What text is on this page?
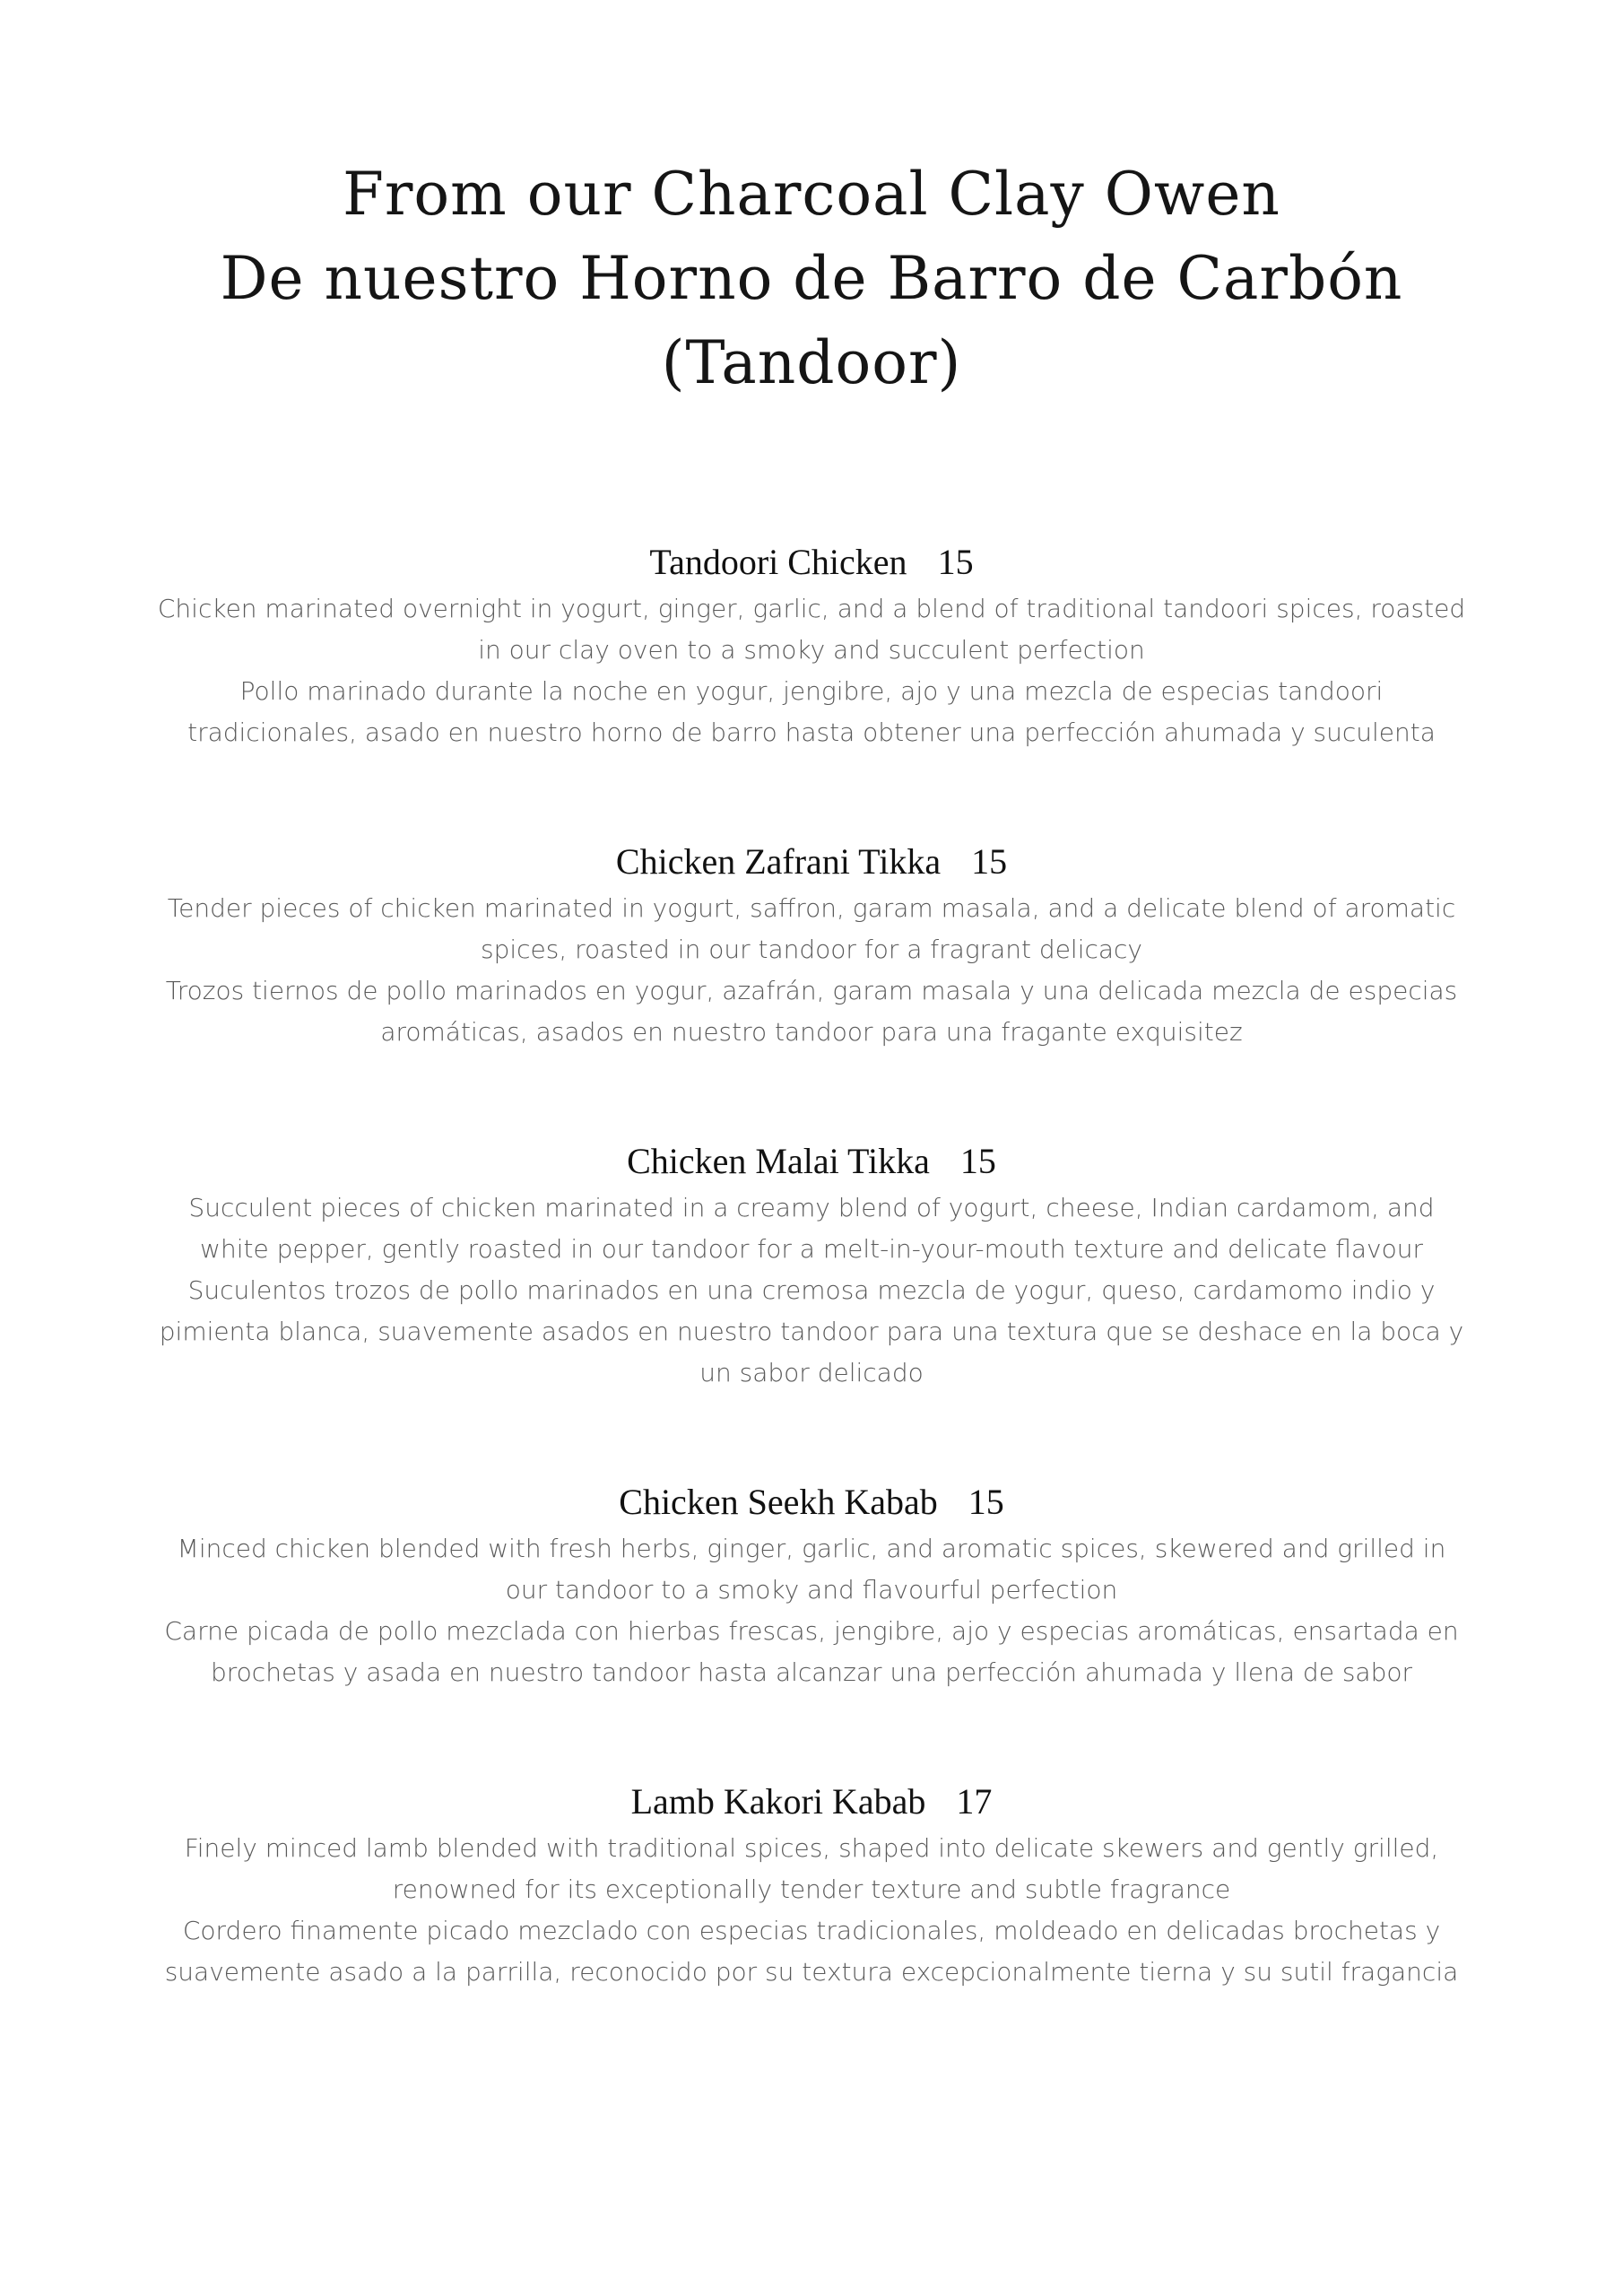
From our Charcoal Clay Owen
De nuestro Horno de Barro de Carbón
(Tandoor)
Tandoori Chicken 15
Chicken marinated overnight in yogurt, ginger, garlic, and a blend of traditional tandoori spices, roasted in our clay oven to a smoky and succulent perfection
Pollo marinado durante la noche en yogur, jengibre, ajo y una mezcla de especias tandoori tradicionales, asado en nuestro horno de barro hasta obtener una perfección ahumada y suculenta
Chicken Zafrani Tikka 15
Tender pieces of chicken marinated in yogurt, saffron, garam masala, and a delicate blend of aromatic spices, roasted in our tandoor for a fragrant delicacy
Trozos tiernos de pollo marinados en yogur, azafrán, garam masala y una delicada mezcla de especias aromáticas, asados en nuestro tandoor para una fragante exquisitez
Chicken Malai Tikka 15
Succulent pieces of chicken marinated in a creamy blend of yogurt, cheese, Indian cardamom, and white pepper, gently roasted in our tandoor for a melt-in-your-mouth texture and delicate flavour
Suculentos trozos de pollo marinados en una cremosa mezcla de yogur, queso, cardamomo indio y pimienta blanca, suavemente asados en nuestro tandoor para una textura que se deshace en la boca y un sabor delicado
Chicken Seekh Kabab 15
Minced chicken blended with fresh herbs, ginger, garlic, and aromatic spices, skewered and grilled in our tandoor to a smoky and flavourful perfection
Carne picada de pollo mezclada con hierbas frescas, jengibre, ajo y especias aromáticas, ensartada en brochetas y asada en nuestro tandoor hasta alcanzar una perfección ahumada y llena de sabor
Lamb Kakori Kabab 17
Finely minced lamb blended with traditional spices, shaped into delicate skewers and gently grilled, renowned for its exceptionally tender texture and subtle fragrance
Cordero finamente picado mezclado con especias tradicionales, moldeado en delicadas brochetas y suavemente asado a la parrilla, reconocido por su textura excepcionalmente tierna y su sutil fragancia
